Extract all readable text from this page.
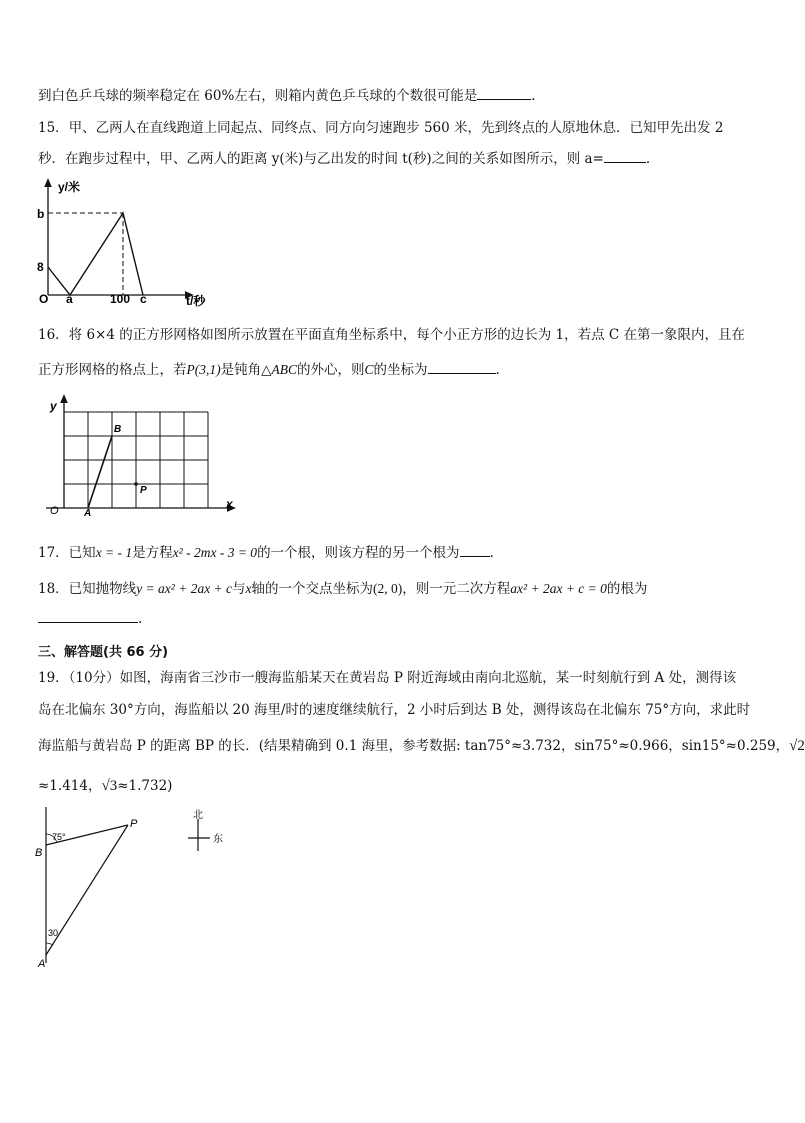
到白色乒乓球的频率稳定在 60%左右，则箱内黄色乒乓球的个数很可能是	.
15．甲、乙两人在直线跑道上同起点、同终点、同方向匀速跑步 560 米，先到终点的人原地休息．已知甲先出发 2
秒．在跑步过程中，甲、乙两人的距离 y(米)与乙出发的时间 t(秒)之间的关系如图所示，则 a=	.
y/米
t/秒
b
8
O a	100 c
16．将 6×4 的正方形网格如图所示放置在平面直角坐标系中，每个小正方形的边长为 1，若点 C 在第一象限内，且在
正方形网格的格点上，若P(3,1)是钝角△ABC的外心，则C的坐标为	.
y
x
O	A
B
P
17．已知x = - 1是方程x² - 2mx - 3 = 0的一个根，则该方程的另一个根为 .
18．已知抛物线y = ax² + 2ax + c与x轴的一个交点坐标为(2, 0)，则一元二次方程ax² + 2ax + c = 0的根为
.
三、解答题(共 66 分)
19．（10分）如图，海南省三沙市一艘海监船某天在黄岩岛 P 附近海域由南向北巡航，某一时刻航行到 A 处，测得该
岛在北偏东 30°方向，海监船以 20 海里/时的速度继续航行，2 小时后到达 B 处，测得该岛在北偏东 75°方向，求此时
海监船与黄岩岛 P 的距离 BP 的长．(结果精确到 0.1 海里，参考数据: tan75°≈3.732，sin75°≈0.966，sin15°≈0.259，√2
≈1.414，√3≈1.732)
P
B
A
75°
30
北
东
